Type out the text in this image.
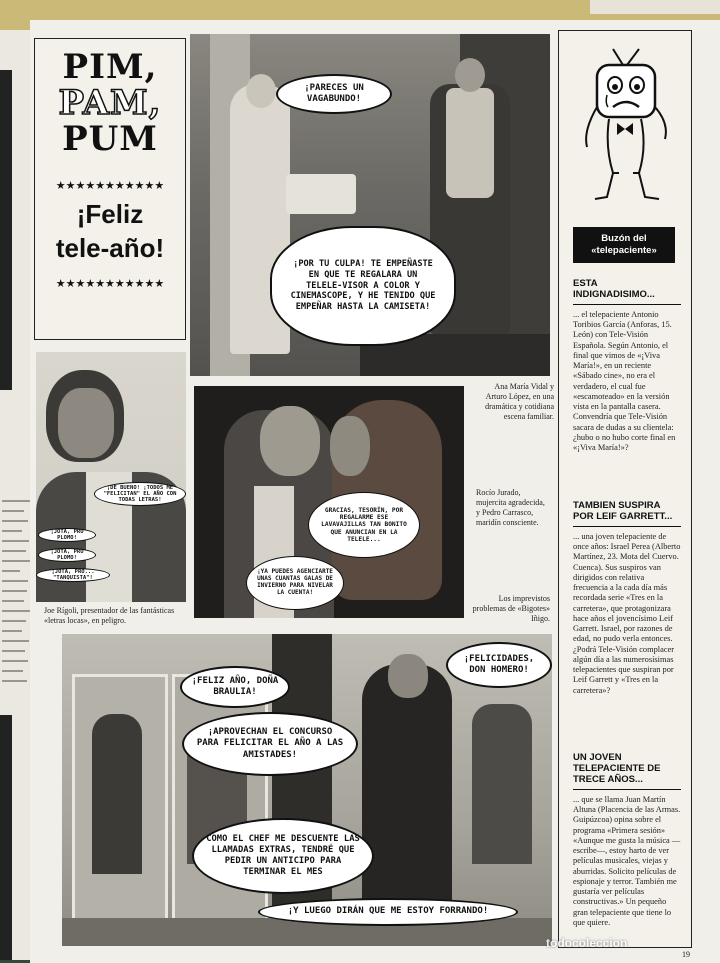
PIM,
PAM,
PUM
★★★★★★★★★★★
¡Feliz
tele-año!
★★★★★★★★★★★
¡PARECES UN VAGABUNDO!
¡POR TU CULPA! TE EMPEÑASTE EN QUE TE REGALARA UN TELELE-VISOR A COLOR Y CINEMASCOPE, Y HE TENIDO QUE EMPEÑAR HASTA LA CAMISETA!
Ana María Vidal y Arturo López, en una dramática y cotidiana escena familiar.
¡DE BUENO! ¡TODOS ME "FELICITAN" EL AÑO CON TODAS LETRAS!
¡JOTA, PRO PLOMO!
¡JOTA, PRO PLOMO!
¡JOTA, PRO... "TANQUISTA"!
Joe Rígoli, presentador de las fantásticas «letras locas», en peligro.
GRACIAS, TESORÍN, POR REGALARME ESE LAVAVAJILLAS TAN BONITO QUE ANUNCIAN EN LA TELELE...
¡YA PUEDES AGENCIARTE UNAS CUANTAS GALAS DE INVIERNO PARA NIVELAR LA CUENTA!
Rocío Jurado, mujercita agradecida, y Pedro Carrasco, maridín consciente.
Los imprevistos problemas de «Bigotes» Iñigo.
¡FELIZ AÑO, DOÑA BRAULIA!
¡FELICIDADES, DON HOMERO!
¡APROVECHAN EL CONCURSO PARA FELICITAR EL AÑO A LAS AMISTADES!
COMO EL CHEF ME DESCUENTE LAS LLAMADAS EXTRAS, TENDRÉ QUE PEDIR UN ANTICIPO PARA TERMINAR EL MES
¡Y LUEGO DIRÁN QUE ME ESTOY FORRANDO!
Buzón del «telepaciente»
ESTA INDIGNADISIMO...
... el telepaciente Antonio Toribios García (Anforas, 15. León) con Tele-Visión Española. Según Antonio, el final que vimos de «¡Viva María!», en un reciente «Sábado cine», no era el verdadero, el cual fue «escamoteado» en la versión vista en la pantalla casera. Convendría que Tele-Visión sacara de dudas a su clientela: ¿hubo o no hubo corte final en «¡Viva María!»?
TAMBIEN SUSPIRA POR LEIF GARRETT...
... una joven telepaciente de once años: Israel Perea (Alberto Martínez, 23. Mota del Cuervo. Cuenca). Sus suspiros van dirigidos con relativa frecuencia a la cada día más recordada serie «Tres en la carretera», que protagonizara hace años el jovencísimo Leif Garrett. Israel, por razones de edad, no pudo verla entonces. ¿Podrá Tele-Visión complacer algún día a las numerosísimas telepacientes que suspiran por Leif Garrett y «Tres en la carretera»?
UN JOVEN TELEPACIENTE DE TRECE AÑOS...
... que se llama Juan Martín Altuna (Placencia de las Armas. Guipúzcoa) opina sobre el programa «Primera sesión» «Aunque me gusta la música —escribe—, estoy harto de ver películas musicales, viejas y aburridas. Solicito películas de espionaje y terror. También me gustaría ver películas constructivas.» Un pequeño gran telepaciente que tiene lo que quiere.
19
todocoleccion
